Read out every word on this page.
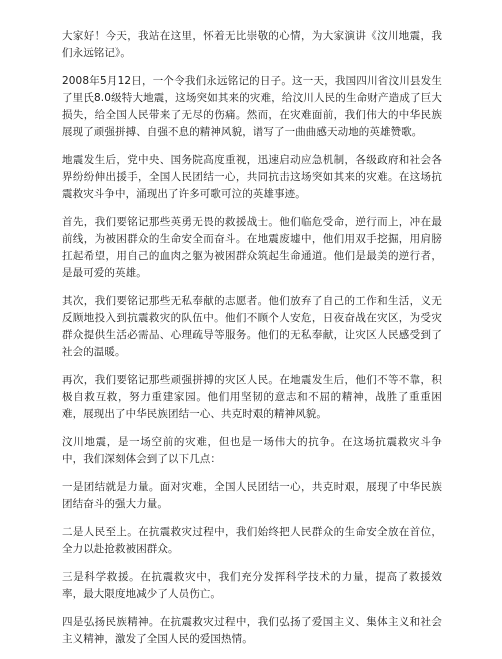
大家好！今天，我站在这里，怀着无比崇敬的心情，为大家演讲《汶川地震，我们永远铭记》。

2008年5月12日，一个令我们永远铭记的日子。这一天，我国四川省汶川县发生了里氏8.0级特大地震，这场突如其来的灾难，给汶川人民的生命财产造成了巨大损失，给全国人民带来了无尽的伤痛。然而，在灾难面前，我们伟大的中华民族展现了顽强拼搏、自强不息的精神风貌，谱写了一曲曲感天动地的英雄赞歌。

地震发生后，党中央、国务院高度重视，迅速启动应急机制，各级政府和社会各界纷纷伸出援手，全国人民团结一心，共同抗击这场突如其来的灾难。在这场抗震救灾斗争中，涌现出了许多可歌可泣的英雄事迹。

首先，我们要铭记那些英勇无畏的救援战士。他们临危受命，逆行而上，冲在最前线，为被困群众的生命安全而奋斗。在地震废墟中，他们用双手挖掘，用肩膀扛起希望，用自己的血肉之躯为被困群众筑起生命通道。他们是最美的逆行者，是最可爱的英雄。

其次，我们要铭记那些无私奉献的志愿者。他们放弃了自己的工作和生活，义无反顾地投入到抗震救灾的队伍中。他们不顾个人安危，日夜奋战在灾区，为受灾群众提供生活必需品、心理疏导等服务。他们的无私奉献，让灾区人民感受到了社会的温暖。

再次，我们要铭记那些顽强拼搏的灾区人民。在地震发生后，他们不等不靠，积极自救互救，努力重建家园。他们用坚韧的意志和不屈的精神，战胜了重重困难，展现出了中华民族团结一心、共克时艰的精神风貌。

汶川地震，是一场空前的灾难，但也是一场伟大的抗争。在这场抗震救灾斗争中，我们深刻体会到了以下几点：

一是团结就是力量。面对灾难，全国人民团结一心，共克时艰，展现了中华民族团结奋斗的强大力量。

二是人民至上。在抗震救灾过程中，我们始终把人民群众的生命安全放在首位，全力以赴抢救被困群众。

三是科学救援。在抗震救灾中，我们充分发挥科学技术的力量，提高了救援效率，最大限度地减少了人员伤亡。

四是弘扬民族精神。在抗震救灾过程中，我们弘扬了爱国主义、集体主义和社会主义精神，激发了全国人民的爱国热情。
